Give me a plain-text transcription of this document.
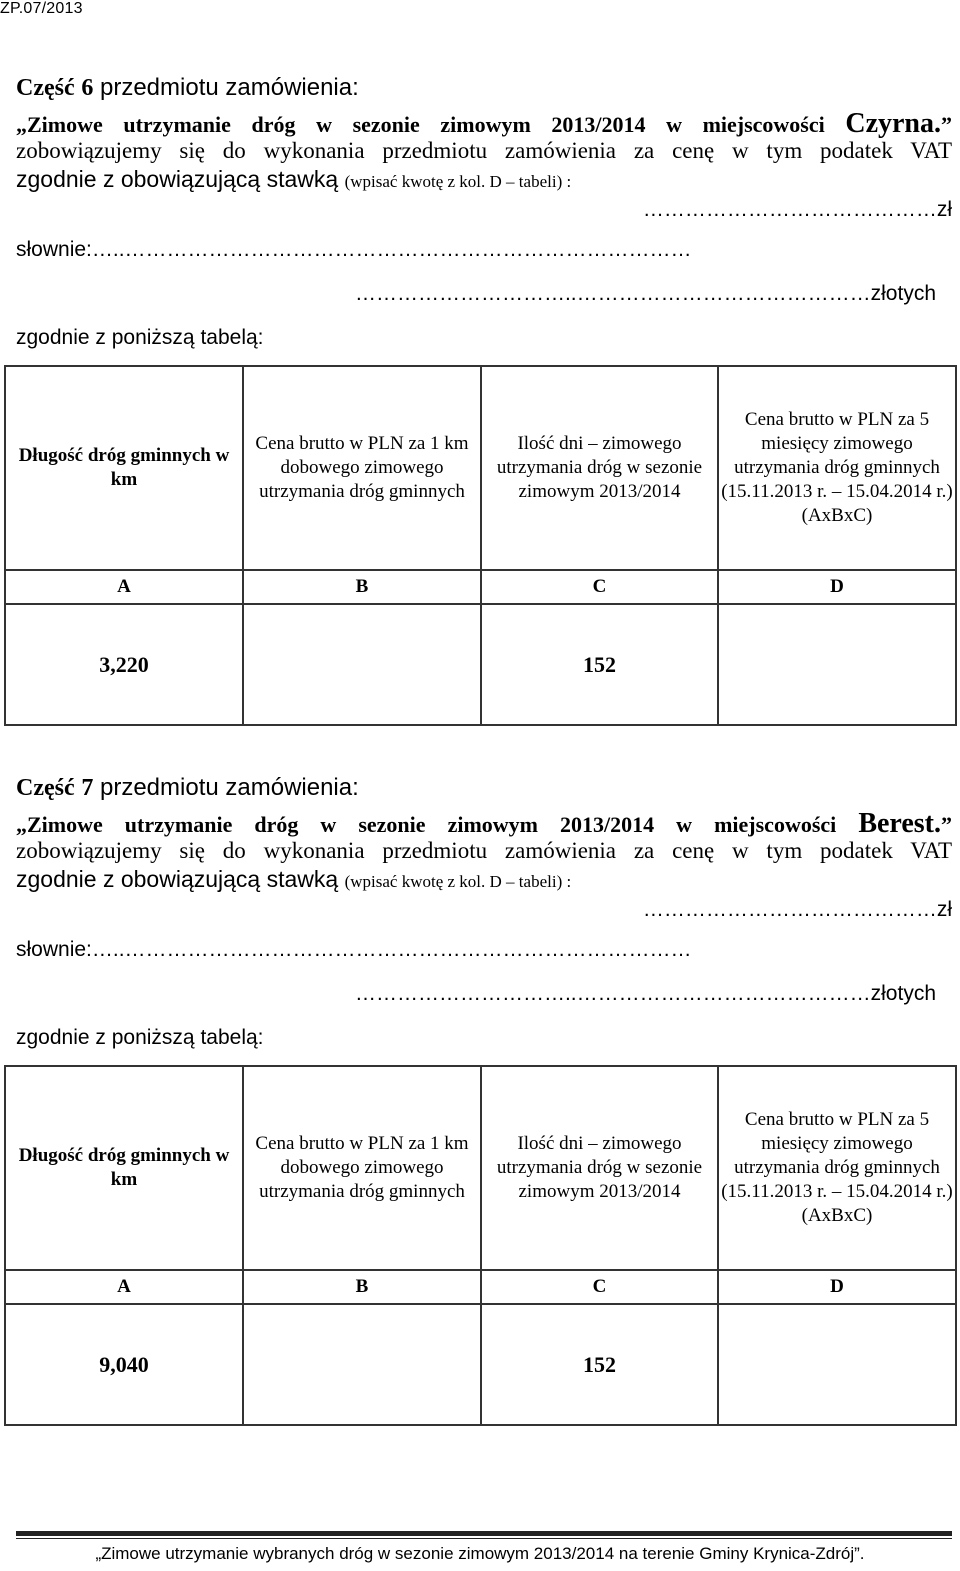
ZP.07/2013
Część 6 przedmiotu zamówienia:
„Zimowe utrzymanie dróg w sezonie zimowym 2013/2014 w miejscowości Czyrna.”
zobowiązujemy się do wykonania przedmiotu zamówienia za cenę w tym podatek VAT
zgodnie z obowiązującą stawką (wpisać kwotę z kol. D – tabeli) :
……………………………………zł
słownie:…..………………………………………………………………………
…………………………..……………………………………złotych
zgodnie z poniższą tabelą:
Długość dróg gminnych w km	Cena brutto w PLN za 1 km dobowego zimowego utrzymania dróg gminnych	Ilość dni – zimowego utrzymania dróg w sezonie zimowym 2013/2014	Cena brutto w PLN za 5 miesięcy zimowego utrzymania dróg gminnych (15.11.2013 r. – 15.04.2014 r.) (AxBxC)
A	B	C	D
3,220		152	
Część 7 przedmiotu zamówienia:
„Zimowe utrzymanie dróg w sezonie zimowym 2013/2014 w miejscowości Berest.”
zobowiązujemy się do wykonania przedmiotu zamówienia za cenę w tym podatek VAT
zgodnie z obowiązującą stawką (wpisać kwotę z kol. D – tabeli) :
……………………………………zł
słownie:…..………………………………………………………………………
…………………………..……………………………………złotych
zgodnie z poniższą tabelą:
Długość dróg gminnych w km	Cena brutto w PLN za 1 km dobowego zimowego utrzymania dróg gminnych	Ilość dni – zimowego utrzymania dróg w sezonie zimowym 2013/2014	Cena brutto w PLN za 5 miesięcy zimowego utrzymania dróg gminnych (15.11.2013 r. – 15.04.2014 r.) (AxBxC)
A	B	C	D
9,040		152	
„Zimowe utrzymanie wybranych dróg w sezonie zimowym 2013/2014 na terenie Gminy Krynica-Zdrój”.
